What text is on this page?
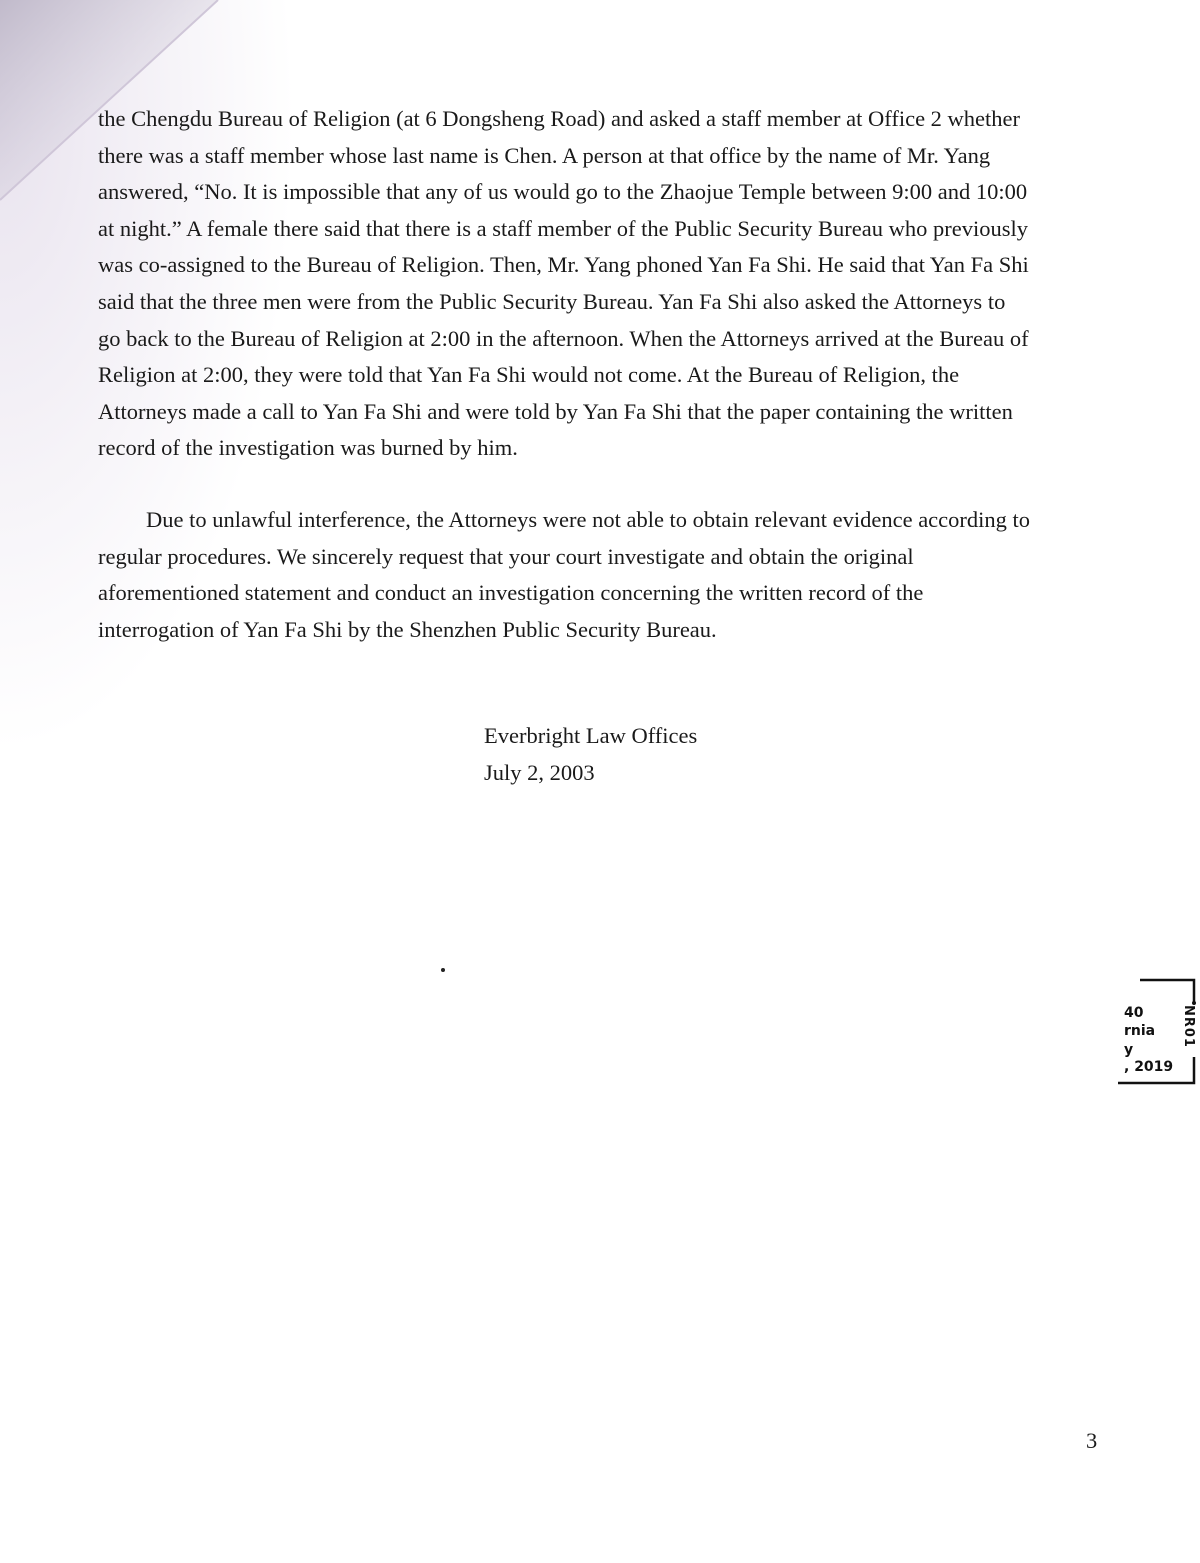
the Chengdu Bureau of Religion (at 6 Dongsheng Road) and asked a staff member at Office 2 whether
there was a staff member whose last name is Chen. A person at that office by the name of Mr. Yang
answered, “No. It is impossible that any of us would go to the Zhaojue Temple between 9:00 and 10:00
at night.” A female there said that there is a staff member of the Public Security Bureau who previously
was co-assigned to the Bureau of Religion. Then, Mr. Yang phoned Yan Fa Shi. He said that Yan Fa Shi
said that the three men were from the Public Security Bureau. Yan Fa Shi also asked the Attorneys to
go back to the Bureau of Religion at 2:00 in the afternoon. When the Attorneys arrived at the Bureau of
Religion at 2:00, they were told that Yan Fa Shi would not come. At the Bureau of Religion, the
Attorneys made a call to Yan Fa Shi and were told by Yan Fa Shi that the paper containing the written
record of the investigation was burned by him.

Due to unlawful interference, the Attorneys were not able to obtain relevant evidence according to
regular procedures. We sincerely request that your court investigate and obtain the original
aforementioned statement and conduct an investigation concerning the written record of the
interrogation of Yan Fa Shi by the Shenzhen Public Security Bureau.

Everbright Law Offices
July 2, 2003
40
rnia
y
, 2019
NR01
3
